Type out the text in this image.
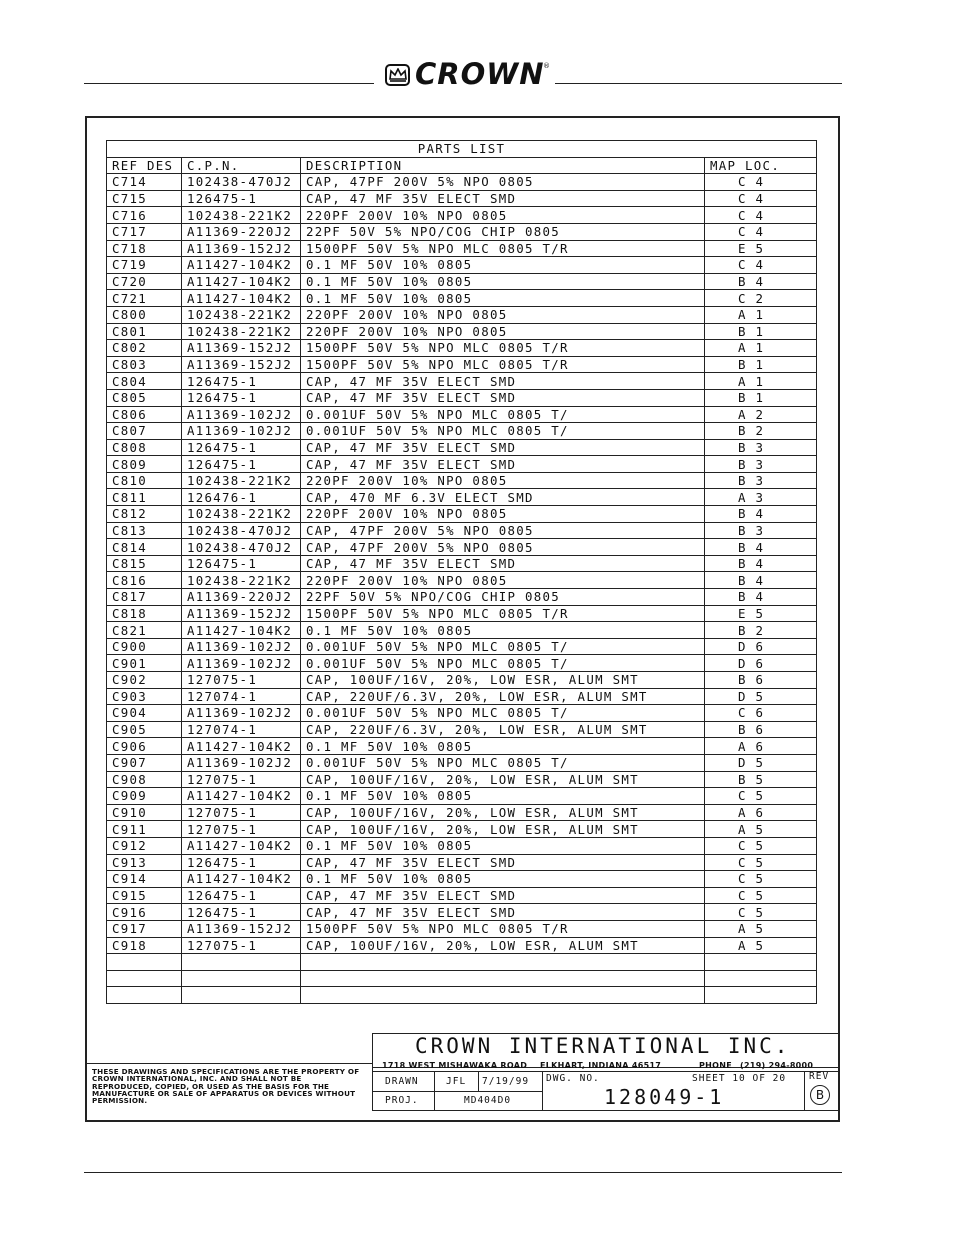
CROWN
®
PARTS LIST			
REF DES	C.P.N.	DESCRIPTION	MAP LOC.
C714	102438-470J2	CAP, 47PF 200V 5% NPO 0805	C 4
C715	126475-1	CAP, 47 MF 35V ELECT SMD	C 4
C716	102438-221K2	220PF 200V 10% NPO 0805	C 4
C717	A11369-220J2	22PF 50V 5% NPO/COG CHIP 0805	C 4
C718	A11369-152J2	1500PF 50V 5% NPO MLC 0805 T/R	E 5
C719	A11427-104K2	0.1 MF 50V 10% 0805	C 4
C720	A11427-104K2	0.1 MF 50V 10% 0805	B 4
C721	A11427-104K2	0.1 MF 50V 10% 0805	C 2
C800	102438-221K2	220PF 200V 10% NPO 0805	A 1
C801	102438-221K2	220PF 200V 10% NPO 0805	B 1
C802	A11369-152J2	1500PF 50V 5% NPO MLC 0805 T/R	A 1
C803	A11369-152J2	1500PF 50V 5% NPO MLC 0805 T/R	B 1
C804	126475-1	CAP, 47 MF 35V ELECT SMD	A 1
C805	126475-1	CAP, 47 MF 35V ELECT SMD	B 1
C806	A11369-102J2	0.001UF 50V 5% NPO MLC 0805 T/	A 2
C807	A11369-102J2	0.001UF 50V 5% NPO MLC 0805 T/	B 2
C808	126475-1	CAP, 47 MF 35V ELECT SMD	B 3
C809	126475-1	CAP, 47 MF 35V ELECT SMD	B 3
C810	102438-221K2	220PF 200V 10% NPO 0805	B 3
C811	126476-1	CAP, 470 MF 6.3V ELECT SMD	A 3
C812	102438-221K2	220PF 200V 10% NPO 0805	B 4
C813	102438-470J2	CAP, 47PF 200V 5% NPO 0805	B 3
C814	102438-470J2	CAP, 47PF 200V 5% NPO 0805	B 4
C815	126475-1	CAP, 47 MF 35V ELECT SMD	B 4
C816	102438-221K2	220PF 200V 10% NPO 0805	B 4
C817	A11369-220J2	22PF 50V 5% NPO/COG CHIP 0805	B 4
C818	A11369-152J2	1500PF 50V 5% NPO MLC 0805 T/R	E 5
C821	A11427-104K2	0.1 MF 50V 10% 0805	B 2
C900	A11369-102J2	0.001UF 50V 5% NPO MLC 0805 T/	D 6
C901	A11369-102J2	0.001UF 50V 5% NPO MLC 0805 T/	D 6
C902	127075-1	CAP, 100UF/16V, 20%, LOW ESR, ALUM SMT	B 6
C903	127074-1	CAP, 220UF/6.3V, 20%, LOW ESR, ALUM SMT	D 5
C904	A11369-102J2	0.001UF 50V 5% NPO MLC 0805 T/	C 6
C905	127074-1	CAP, 220UF/6.3V, 20%, LOW ESR, ALUM SMT	B 6
C906	A11427-104K2	0.1 MF 50V 10% 0805	A 6
C907	A11369-102J2	0.001UF 50V 5% NPO MLC 0805 T/	D 5
C908	127075-1	CAP, 100UF/16V, 20%, LOW ESR, ALUM SMT	B 5
C909	A11427-104K2	0.1 MF 50V 10% 0805	C 5
C910	127075-1	CAP, 100UF/16V, 20%, LOW ESR, ALUM SMT	A 6
C911	127075-1	CAP, 100UF/16V, 20%, LOW ESR, ALUM SMT	A 5
C912	A11427-104K2	0.1 MF 50V 10% 0805	C 5
C913	126475-1	CAP, 47 MF 35V ELECT SMD	C 5
C914	A11427-104K2	0.1 MF 50V 10% 0805	C 5
C915	126475-1	CAP, 47 MF 35V ELECT SMD	C 5
C916	126475-1	CAP, 47 MF 35V ELECT SMD	C 5
C917	A11369-152J2	1500PF 50V 5% NPO MLC 0805 T/R	A 5
C918	127075-1	CAP, 100UF/16V, 20%, LOW ESR, ALUM SMT	A 5

THESE DRAWINGS AND SPECIFICATIONS ARE THE PROPERTY OF CROWN INTERNATIONAL, INC. AND SHALL NOT BE REPRODUCED, COPIED, OR USED AS THE BASIS FOR THE MANUFACTURE OR SALE OF APPARATUS OR DEVICES WITHOUT PERMISSION.
CROWN INTERNATIONAL INC.
1718 WEST MISHAWAKA ROAD ELKHART, INDIANA 46517	PHONE (219) 294-8000
DRAWN	JFL 7/19/99 DWG. NO.	SHEET 10 OF 20
128049-1
REV
B
PROJ.	MD404D0
